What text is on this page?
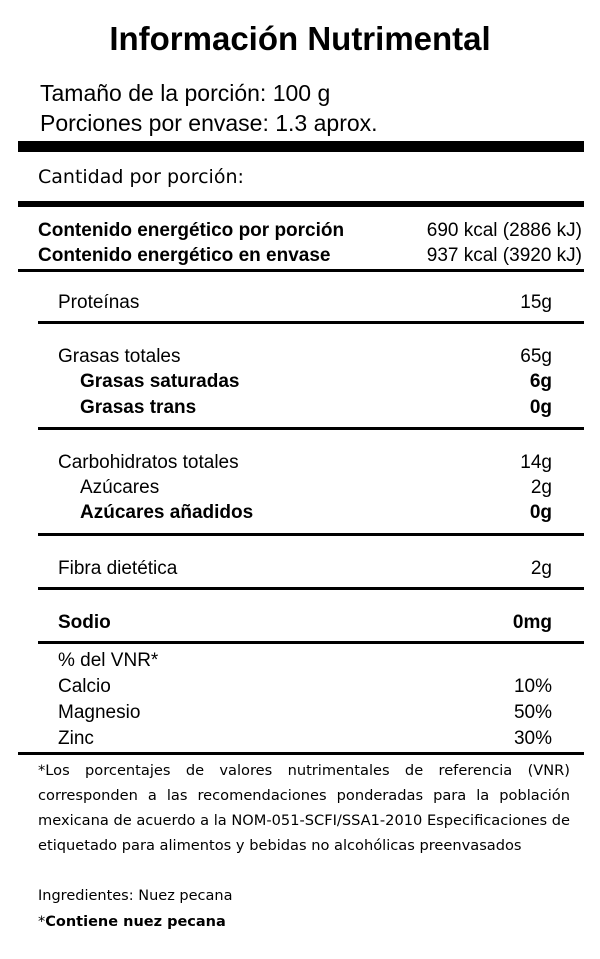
Información Nutrimental
Tamaño de la porción: 100 g
Porciones por envase: 1.3 aprox.
Cantidad por porción:
Contenido energético por porción	690 kcal (2886 kJ)
Contenido energético en envase	937 kcal (3920 kJ)
Proteínas	15g
Grasas totales	65g
Grasas saturadas	6g
Grasas trans	0g
Carbohidratos totales	14g
Azúcares	2g
Azúcares añadidos	0g
Fibra dietética	2g
Sodio	0mg
% del VNR*
Calcio	10%
Magnesio	50%
Zinc	30%
*Los porcentajes de valores nutrimentales de referencia (VNR) corresponden a las recomendaciones ponderadas para la población mexicana de acuerdo a la NOM-051-SCFI/SSA1-2010 Especificaciones de etiquetado para alimentos y bebidas no alcohólicas preenvasados
Ingredientes: Nuez pecana
*Contiene nuez pecana
